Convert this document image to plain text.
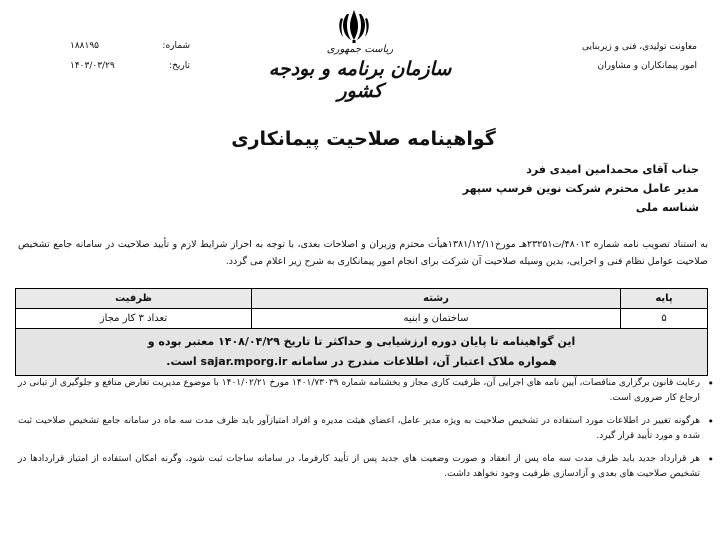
معاونت تولیدی، فنی و زیربنایی
امور پیمانکاران و مشاوران
شماره:
۱۸۸۱۹۵
تاریخ:
۱۴۰۳/۰۳/۲۹
ریاست جمهوری
سازمان برنامه و بودجه کشور
گواهینامه صلاحیت پیمانکاری
جناب آقای محمدامین امیدی فرد
مدیر عامل محترم شرکت نوین فرسپ سپهر
شناسه ملی
به استناد تصویب نامه شماره ۴۸۰۱۳/ت۲۳۲۵۱هـ مورخ۱۳۸۱/۱۲/۱۱هیأت محترم وزیران و اصلاحات بعدی، با توجه به احراز شرایط لازم و تأیید صلاحیت در سامانه جامع تشخیص صلاحیت عوامل نظام فنی و اجرایی، بدین وسیله صلاحیت آن شرکت برای انجام امور پیمانکاری به شرح زیر اعلام می گردد.
پایه	رشته	ظرفیت
۵	ساختمان و ابنیه	تعداد ۳ کار مجاز

این گواهینامه تا پایان دوره ارزشیابی و حداکثر تا تاریخ ۱۴۰۸/۰۴/۲۹ معتبر بوده و
همواره ملاک اعتبار آن، اطلاعات مندرج در سامانه sajar.mporg.ir است.		
• رعایت قانون برگزاری مناقصات، آیین نامه های اجرایی آن، ظرفیت کاری مجاز و بخشنامه شماره ۱۴۰۱/۷۳۰۳۹ مورخ ۱۴۰۱/۰۲/۲۱ با موضوع مدیریت تعارض منافع و جلوگیری از تبانی در ارجاع کار ضروری است.
• هرگونه تغییر در اطلاعات مورد استفاده در تشخیص صلاحیت به ویژه مدیر عامل، اعضای هیئت مدیره و افراد امتیازآور باید ظرف مدت سه ماه در سامانه جامع تشخیص صلاحیت ثبت شده و مورد تأیید قرار گیرد.
• هر قرارداد جدید باید ظرف مدت سه ماه پس از انعقاد و صورت وضعیت های جدید پس از تأیید کارفرما، در سامانه ساجات ثبت شود، وگرنه امکان استفاده از امتیاز قراردادها در تشخیص صلاحیت های بعدی و آزادسازی ظرفیت وجود نخواهد داشت.
